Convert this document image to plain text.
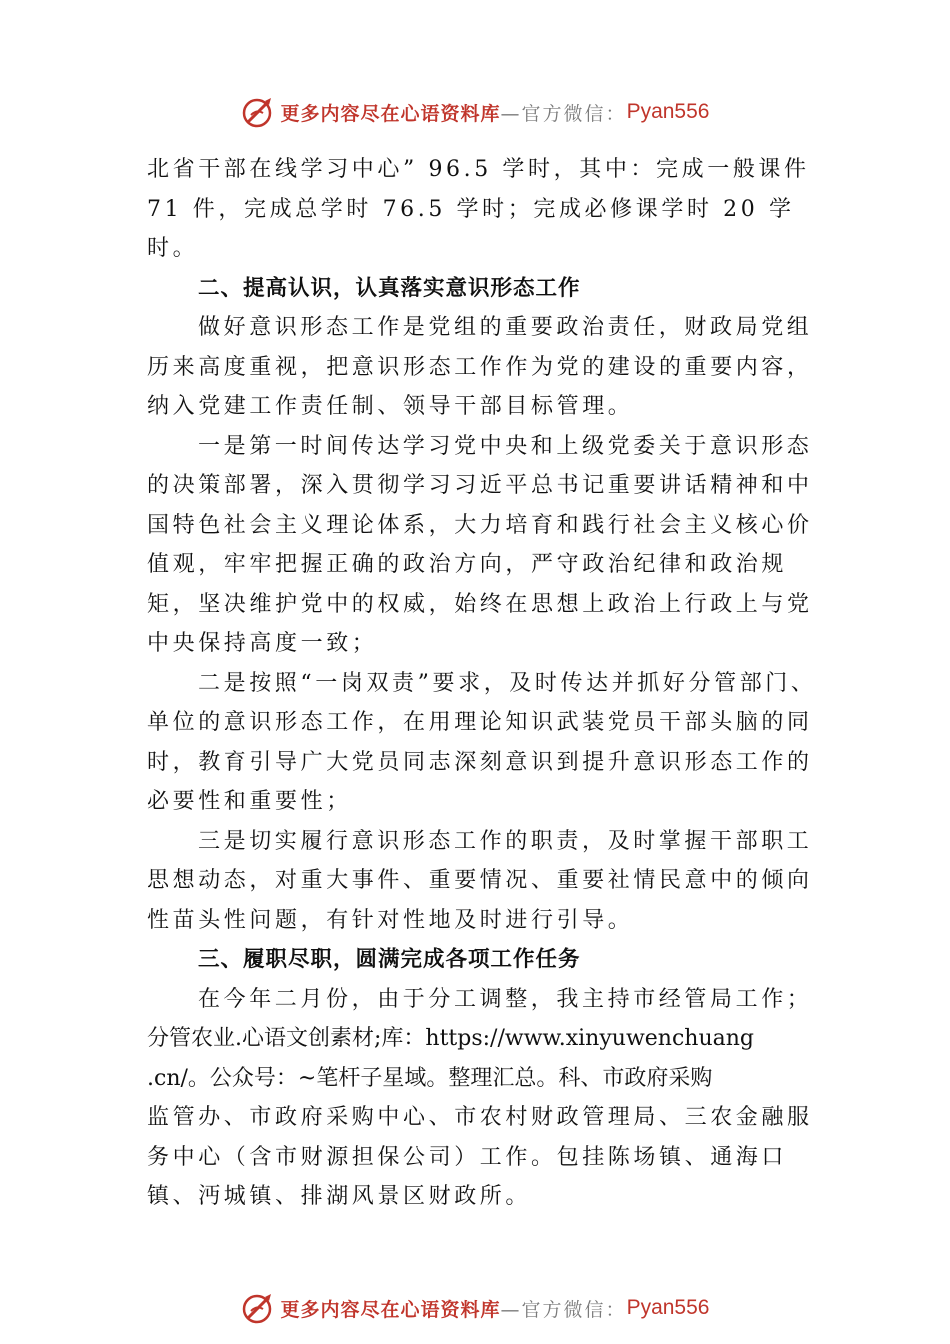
更多内容尽在心语资料库 —官方微信： Pyan556

北省干部在线学习中心” 96.5 学时，其中：完成一般课件 71 件，完成总学时 76.5 学时；完成必修课学时 20 学时。

二、提高认识，认真落实意识形态工作

做好意识形态工作是党组的重要政治责任，财政局党组历来高度重视，把意识形态工作作为党的建设的重要内容， 纳入党建工作责任制、领导干部目标管理。

一是第一时间传达学习党中央和上级党委关于意识形态的决策部署，深入贯彻学习习近平总书记重要讲话精神和中国特色社会主义理论体系，大力培育和践行社会主义核心价值观，牢牢把握正确的政治方向，严守政治纪律和政治规矩，坚决维护党中的权威，始终在思想上政治上行政上与党中央保持高度一致；

二是按照“一岗双责”要求，及时传达并抓好分管部门、单位的意识形态工作，在用理论知识武装党员干部头脑的同时，教育引导广大党员同志深刻意识到提升意识形态工作的必要性和重要性；

三是切实履行意识形态工作的职责，及时掌握干部职工思想动态，对重大事件、重要情况、重要社情民意中的倾向性苗头性问题，有针对性地及时进行引导。

三、履职尽职，圆满完成各项工作任务

在今年二月份，由于分工调整，我主持市经管局工作；

分管农业.心语文创素材;库：https://www.xinyuwenchuang

.cn/。公众号：~笔杆子星域。整理汇总。科、市政府采购

监管办、市政府采购中心、市农村财政管理局、三农金融服务中心（含市财源担保公司）工作。包挂陈场镇、通海口镇、沔城镇、排湖风景区财政所。

更多内容尽在心语资料库 —官方微信： Pyan556
